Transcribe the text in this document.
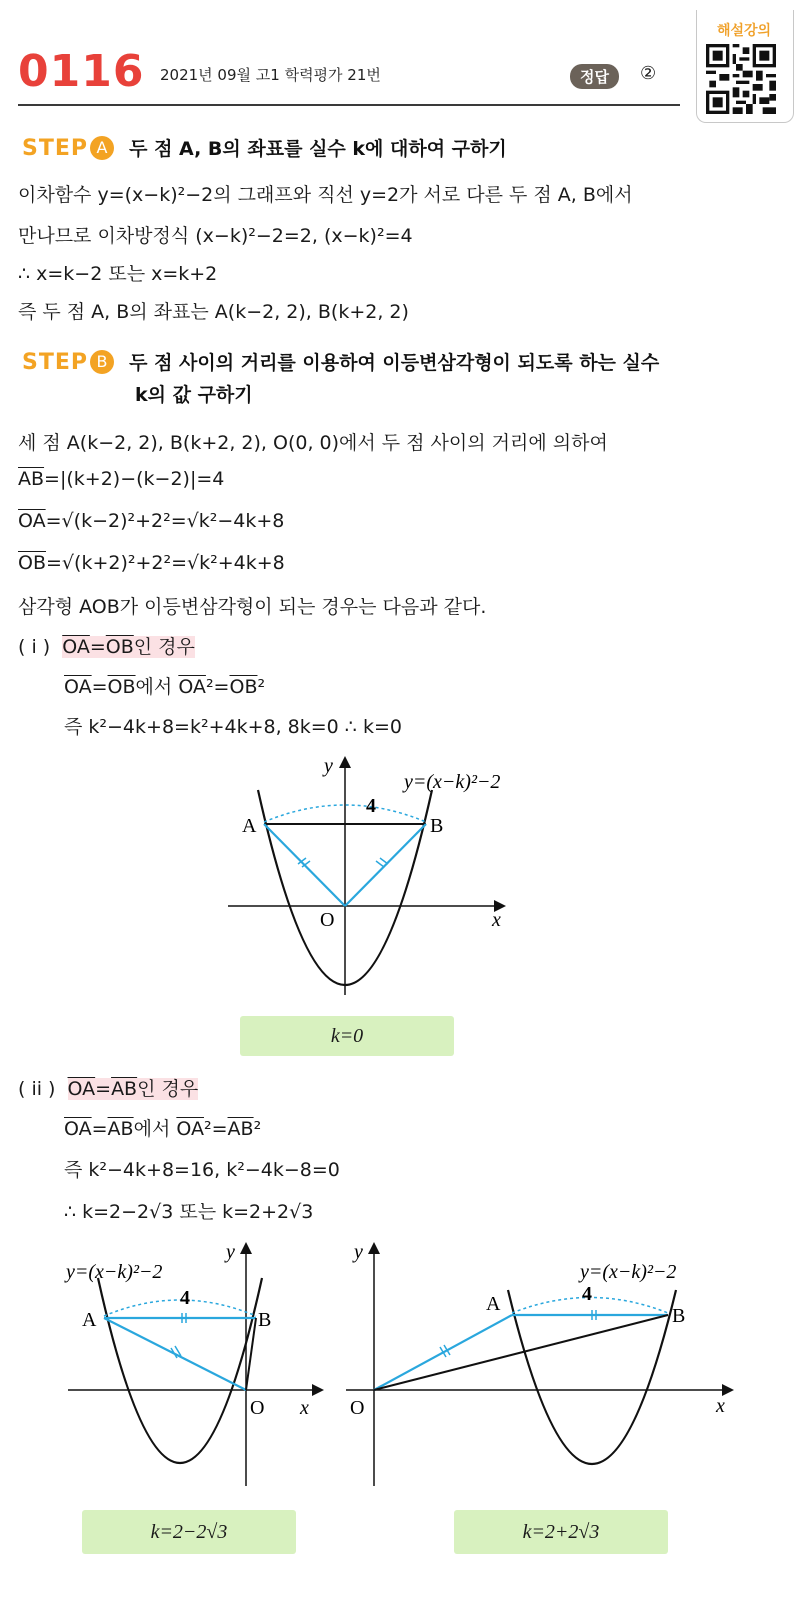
0116 2021년 09월 고1 학력평가 21번	정답	②
해설강의
STEP A 두 점 A, B의 좌표를 실수 k에 대하여 구하기
이차함수 y=(x−k)²−2의 그래프와 직선 y=2가 서로 다른 두 점 A, B에서
만나므로 이차방정식 (x−k)²−2=2, (x−k)²=4
∴ x=k−2 또는 x=k+2
즉 두 점 A, B의 좌표는 A(k−2, 2), B(k+2, 2)
STEP B 두 점 사이의 거리를 이용하여 이등변삼각형이 되도록 하는 실수
k의 값 구하기
세 점 A(k−2, 2), B(k+2, 2), O(0, 0)에서 두 점 사이의 거리에 의하여
$\overline{AB}=|(k+2)-(k-2)|=4$
$\overline{OA}=√(k-2)^2+2^2=√k^2-4k+8$
$\overline{OB}=√(k+2)^2+2^2=√k^2+4k+8$
삼각형 AOB가 이등변삼각형이 되는 경우는 다음과 같다.
( i ) $\overline{OA}=\overline{OB}$인 경우
$\overline{OA}=\overline{OB}$에서 $\overline{OA}^2=\overline{OB}^2$
즉 k²−4k+8=k²+4k+8, 8k=0 ∴ k=0
4
A	B
O	x
y
y=(x−k)²−2
k=0
( ii ) $\overline{OA}=\overline{AB}$인 경우
$\overline{OA}=\overline{AB}$에서 $\overline{OA}^2=\overline{AB}^2$
즉 k²−4k+8=16, k²−4k−8=0
∴ k=2−2√3 또는 k=2+2√3
4
A	B
O x
y
y=(x−k)²−2
4
A
B
O	x
y
y=(x−k)²−2
k=2−2√3	k=2+2√3
